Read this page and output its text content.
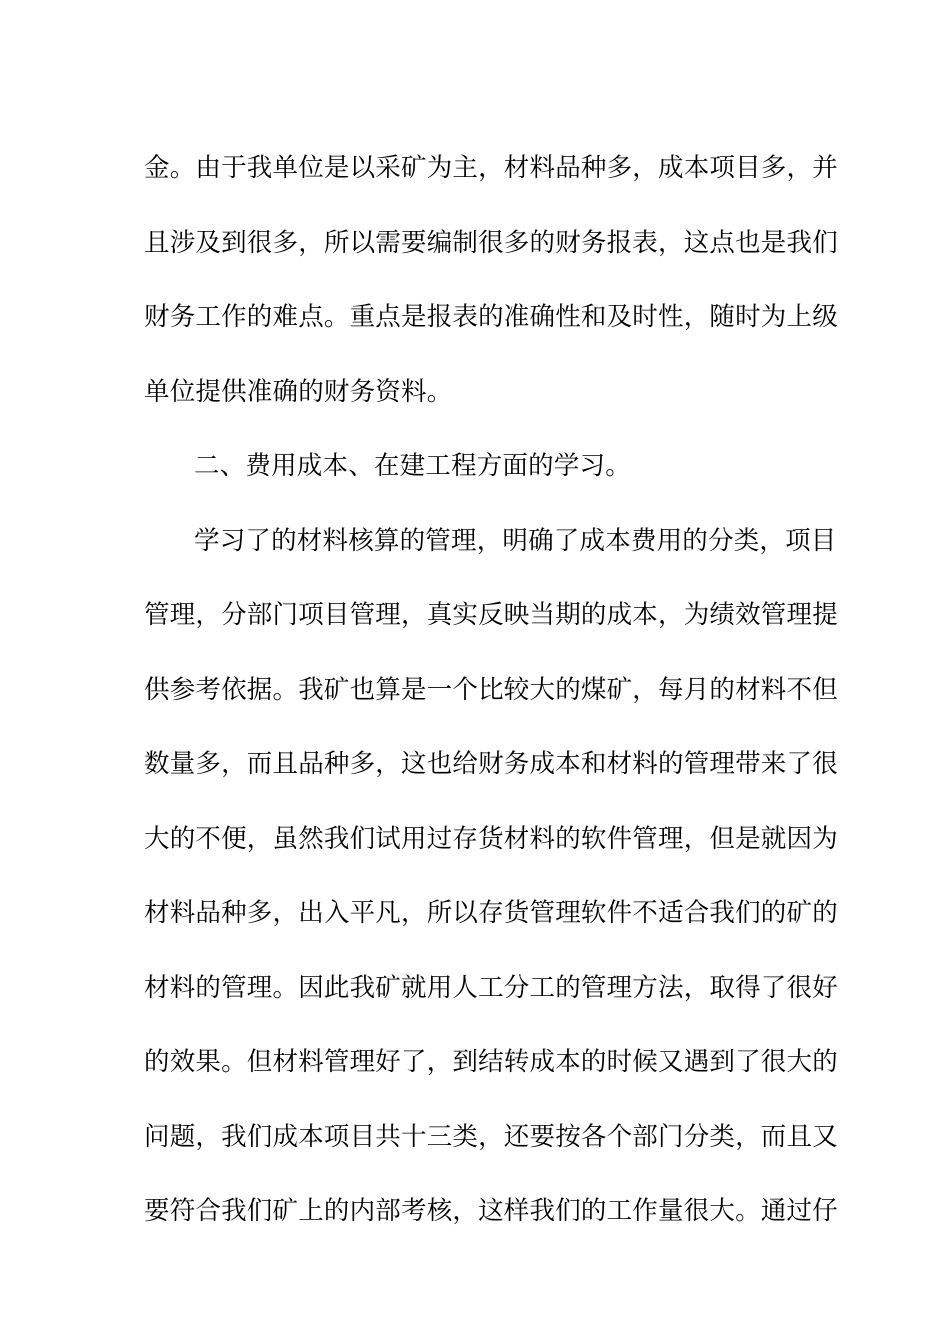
金。由于我单位是以采矿为主，材料品种多，成本项目多，并
且涉及到很多，所以需要编制很多的财务报表，这点也是我们
财务工作的难点。重点是报表的准确性和及时性，随时为上级
单位提供准确的财务资料。
二、费用成本、在建工程方面的学习。
学习了的材料核算的管理，明确了成本费用的分类，项目
管理，分部门项目管理，真实反映当期的成本，为绩效管理提
供参考依据。我矿也算是一个比较大的煤矿，每月的材料不但
数量多，而且品种多，这也给财务成本和材料的管理带来了很
大的不便，虽然我们试用过存货材料的软件管理，但是就因为
材料品种多，出入平凡，所以存货管理软件不适合我们的矿的
材料的管理。因此我矿就用人工分工的管理方法，取得了很好
的效果。但材料管理好了，到结转成本的时候又遇到了很大的
问题，我们成本项目共十三类，还要按各个部门分类，而且又
要符合我们矿上的内部考核，这样我们的工作量很大。通过仔
